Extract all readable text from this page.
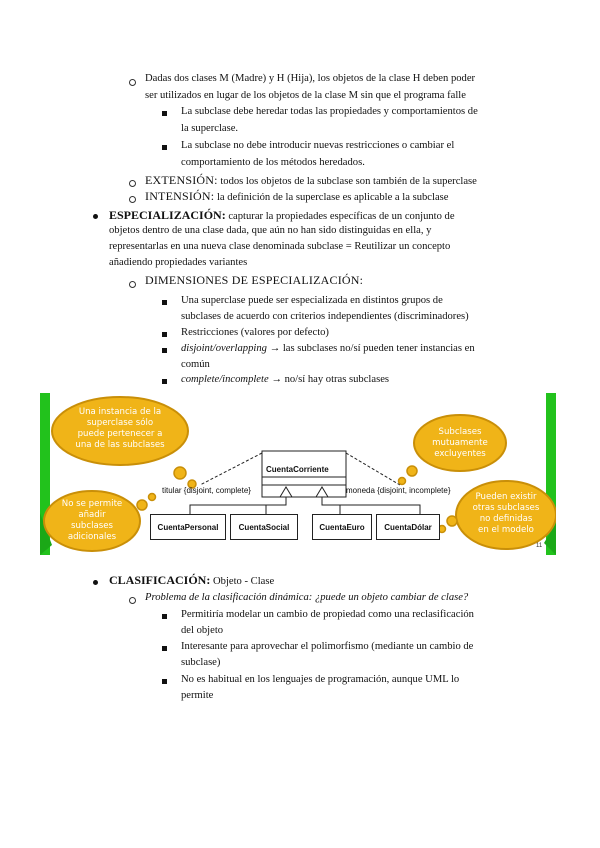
Dadas dos clases M (Madre) y H (Hija), los objetos de la clase H deben poder
ser utilizados en lugar de los objetos de la clase M sin que el programa falle
La subclase debe heredar todas las propiedades y comportamientos de
la superclase.
La subclase no debe introducir nuevas restricciones o cambiar el
comportamiento de los métodos heredados.
EXTENSIÓN: todos los objetos de la subclase son también de la superclase
INTENSIÓN: la definición de la superclase es aplicable a la subclase
ESPECIALIZACIÓN: capturar la propiedades específicas de un conjunto de
objetos dentro de una clase dada, que aún no han sido distinguidas en ella, y
representarlas en una nueva clase denominada subclase = Reutilizar un concepto
añadiendo propiedades variantes
DIMENSIONES DE ESPECIALIZACIÓN:
Una superclase puede ser especializada en distintos grupos de
subclases de acuerdo con criterios independientes (discriminadores)
Restricciones (valores por defecto)
disjoint/overlapping → las subclases no/sí pueden tener instancias en
común
complete/incomplete → no/sí hay otras subclases
Una instancia de la
superclase sólo
puede pertenecer a
una de las subclases
No se permite
añadir
subclases
adicionales
Subclases
mutuamente
excluyentes
Pueden existir
otras subclases
no definidas
en el modelo
CuentaCorriente
titular {disjoint, complete}	moneda {disjoint, incomplete}
CuentaPersonal	CuentaSocial	CuentaEuro	CuentaDólar
11
CLASIFICACIÓN: Objeto - Clase
Problema de la clasificación dinámica: ¿puede un objeto cambiar de clase?
Permitiría modelar un cambio de propiedad como una reclasificación
del objeto
Interesante para aprovechar el polimorfismo (mediante un cambio de
subclase)
No es habitual en los lenguajes de programación, aunque UML lo
permite
